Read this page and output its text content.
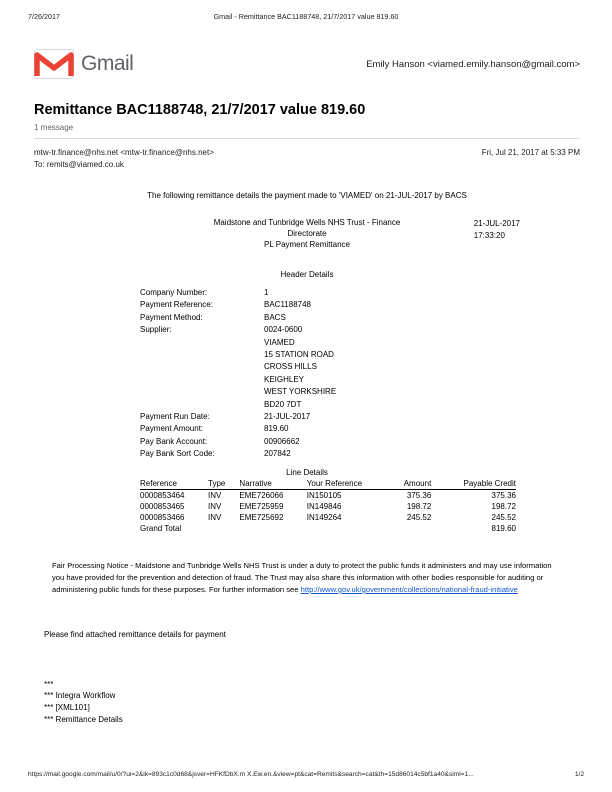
7/26/2017	Gmail - Remittance BAC1188748, 21/7/2017 value 819.60
Gmail	Emily Hanson <viamed.emily.hanson@gmail.com>
Remittance BAC1188748, 21/7/2017 value 819.60
1 message
mtw-tr.finance@nhs.net <mtw-tr.finance@nhs.net>	Fri, Jul 21, 2017 at 5:33 PM
To: remits@viamed.co.uk
The following remittance details the payment made to 'VIAMED' on 21-JUL-2017 by BACS
Maidstone and Tunbridge Wells NHS Trust - Finance
Directorate
PL Payment Remittance
21-JUL-2017
17:33:20
Header Details
Company Number:	1
Payment Reference:	BAC1188748
Payment Method:	BACS
Supplier:	0024-0600
VIAMED
15 STATION ROAD
CROSS HILLS
KEIGHLEY
WEST YORKSHIRE
BD20 7DT
Payment Run Date:	21-JUL-2017
Payment Amount:	819.60
Pay Bank Account:	00906662
Pay Bank Sort Code:	207842
Line Details
Reference	Type	Narrative	Your Reference	Amount	Payable Credit
0000853464	INV	EME726066	IN150105	375.36	375.36
0000853465	INV	EME725959	IN149846	198.72	198.72
0000853466	INV	EME725692	IN149264	245.52	245.52
Grand Total					819.60
Fair Processing Notice - Maidstone and Tunbridge Wells NHS Trust is under a duty to protect the public funds it administers and may use information you have provided for the prevention and detection of fraud. The Trust may also share this information with other bodies responsible for auditing or administering public funds for these purposes. For further information see http://www.gov.uk/government/collections/national-fraud-initiative
Please find attached remittance details for payment
***
*** Integra Workflow
*** [XML101]
*** Remittance Details
https://mail.google.com/mail/u/0/?ui=2&ik=893c1c0d68&jsver=HFKfDbX.m X.Ew.en.&view=pt&cat=Remits&search=cat&th=15d86014c5bf1a40&siml=1...	1/2
